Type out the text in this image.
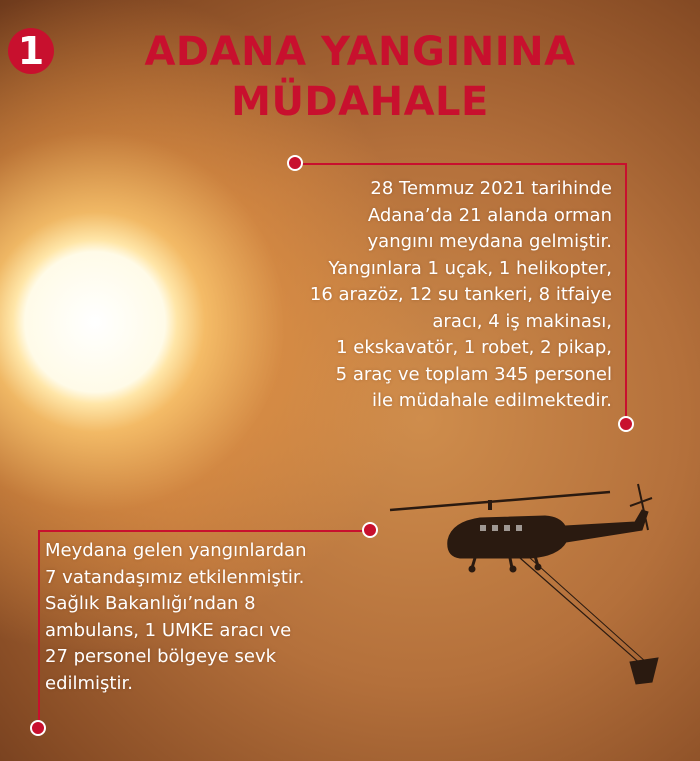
1	ADANA YANGININA
MÜDAHALE
28 Temmuz 2021 tarihinde
Adana’da 21 alanda orman
yangını meydana gelmiştir.
Yangınlara 1 uçak, 1 helikopter,
16 arazöz, 12 su tankeri, 8 itfaiye
aracı, 4 iş makinası,
1 ekskavatör, 1 robet, 2 pikap,
5 araç ve toplam 345 personel
ile müdahale edilmektedir.
Meydana gelen yangınlardan
7 vatandaşımız etkilenmiştir.
Sağlık Bakanlığı’ndan 8
ambulans, 1 UMKE aracı ve
27 personel bölgeye sevk
edilmiştir.
